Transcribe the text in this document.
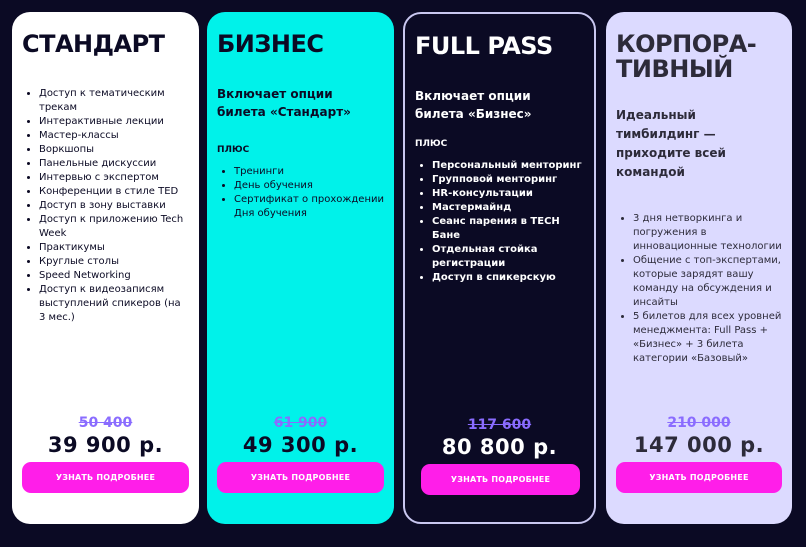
СТАНДАРТ
• Доступ к тематическим трекам
• Интерактивные лекции
• Мастер-классы
• Воркшопы
• Панельные дискуссии
• Интервью с экспертом
• Конференции в стиле TED
• Доступ в зону выставки
• Доступ к приложению Tech Week
• Практикумы
• Круглые столы
• Speed Networking
• Доступ к видеозаписям выступлений спикеров (на 3 мес.)
50 400
39 900 р.
УЗНАТЬ ПОДРОБНЕЕ
БИЗНЕС
Включает опции билета «Стандарт»
ПЛЮС
• Тренинги
• День обучения
• Сертификат о прохождении Дня обучения
61 900
49 300 р.
УЗНАТЬ ПОДРОБНЕЕ
FULL PASS
Включает опции билета «Бизнес»
ПЛЮС
• Персональный менторинг
• Групповой менторинг
• HR-консультации
• Мастермайнд
• Сеанс парения в TECH Бане
• Отдельная стойка регистрации
• Доступ в спикерскую
117 600
80 800 р.
УЗНАТЬ ПОДРОБНЕЕ
КОРПОРА-
ТИВНЫЙ
Идеальный тимбилдинг — приходите всей командой
• 3 дня нетворкинга и погружения в инновационные технологии
• Общение с топ-экспертами, которые зарядят вашу команду на обсуждения и инсайты
• 5 билетов для всех уровней менеджмента: Full Pass + «Бизнес» + 3 билета категории «Базовый»
210 000
147 000 р.
УЗНАТЬ ПОДРОБНЕЕ
